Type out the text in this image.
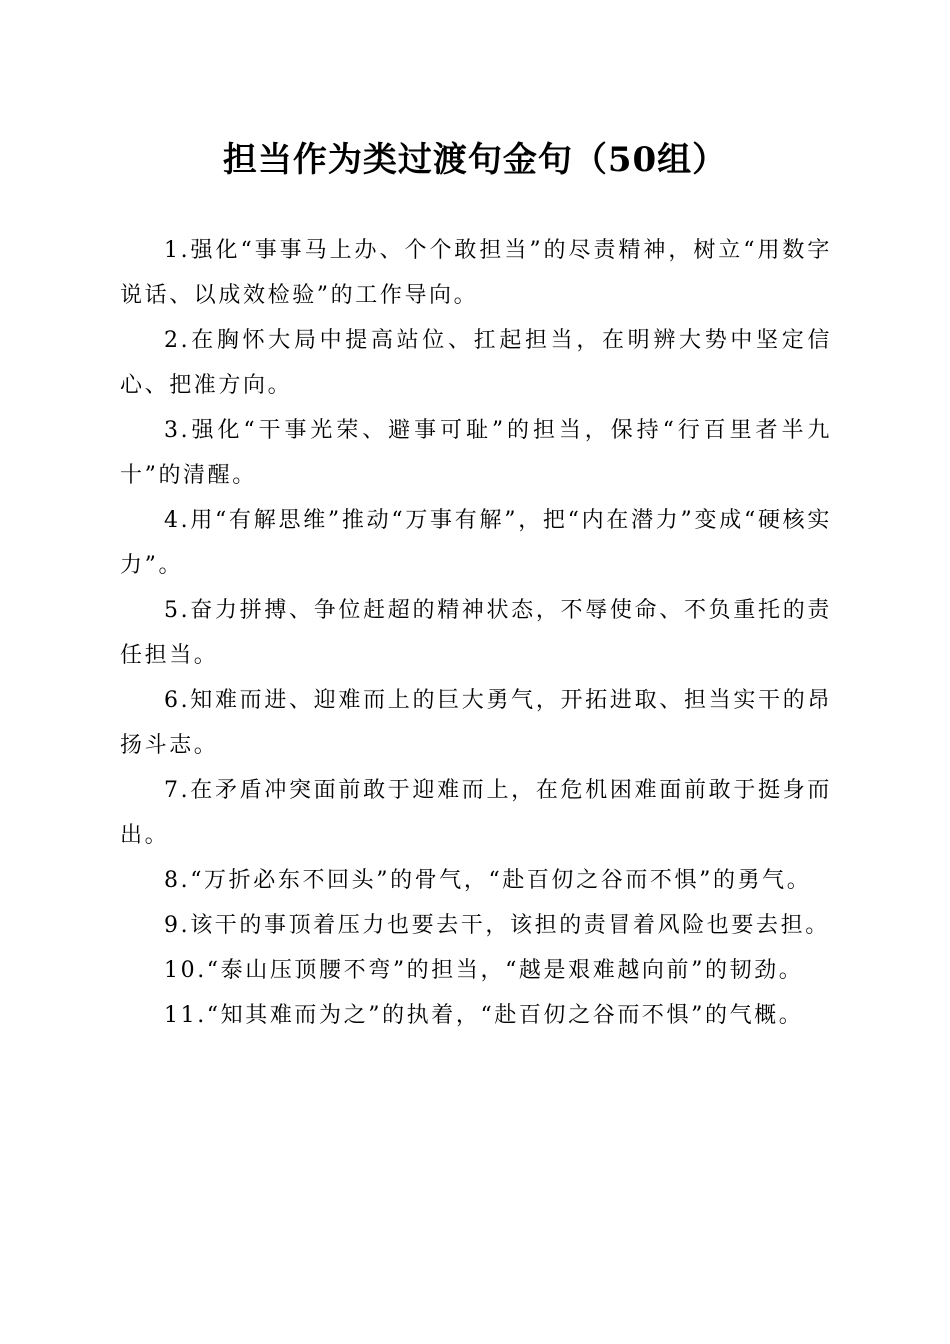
担当作为类过渡句金句（50组）

1.强化“事事马上办、个个敢担当”的尽责精神，树立“用数字说话、以成效检验”的工作导向。

2.在胸怀大局中提高站位、扛起担当，在明辨大势中坚定信心、把准方向。

3.强化“干事光荣、避事可耻”的担当，保持“行百里者半九十”的清醒。

4.用“有解思维”推动“万事有解”，把“内在潜力”变成“硬核实力”。

5.奋力拼搏、争位赶超的精神状态，不辱使命、不负重托的责任担当。

6.知难而进、迎难而上的巨大勇气，开拓进取、担当实干的昂扬斗志。

7.在矛盾冲突面前敢于迎难而上，在危机困难面前敢于挺身而出。

8.“万折必东不回头”的骨气，“赴百仞之谷而不惧”的勇气。

9.该干的事顶着压力也要去干，该担的责冒着风险也要去担。

10.“泰山压顶腰不弯”的担当，“越是艰难越向前”的韧劲。

11.“知其难而为之”的执着，“赴百仞之谷而不惧”的气概。
